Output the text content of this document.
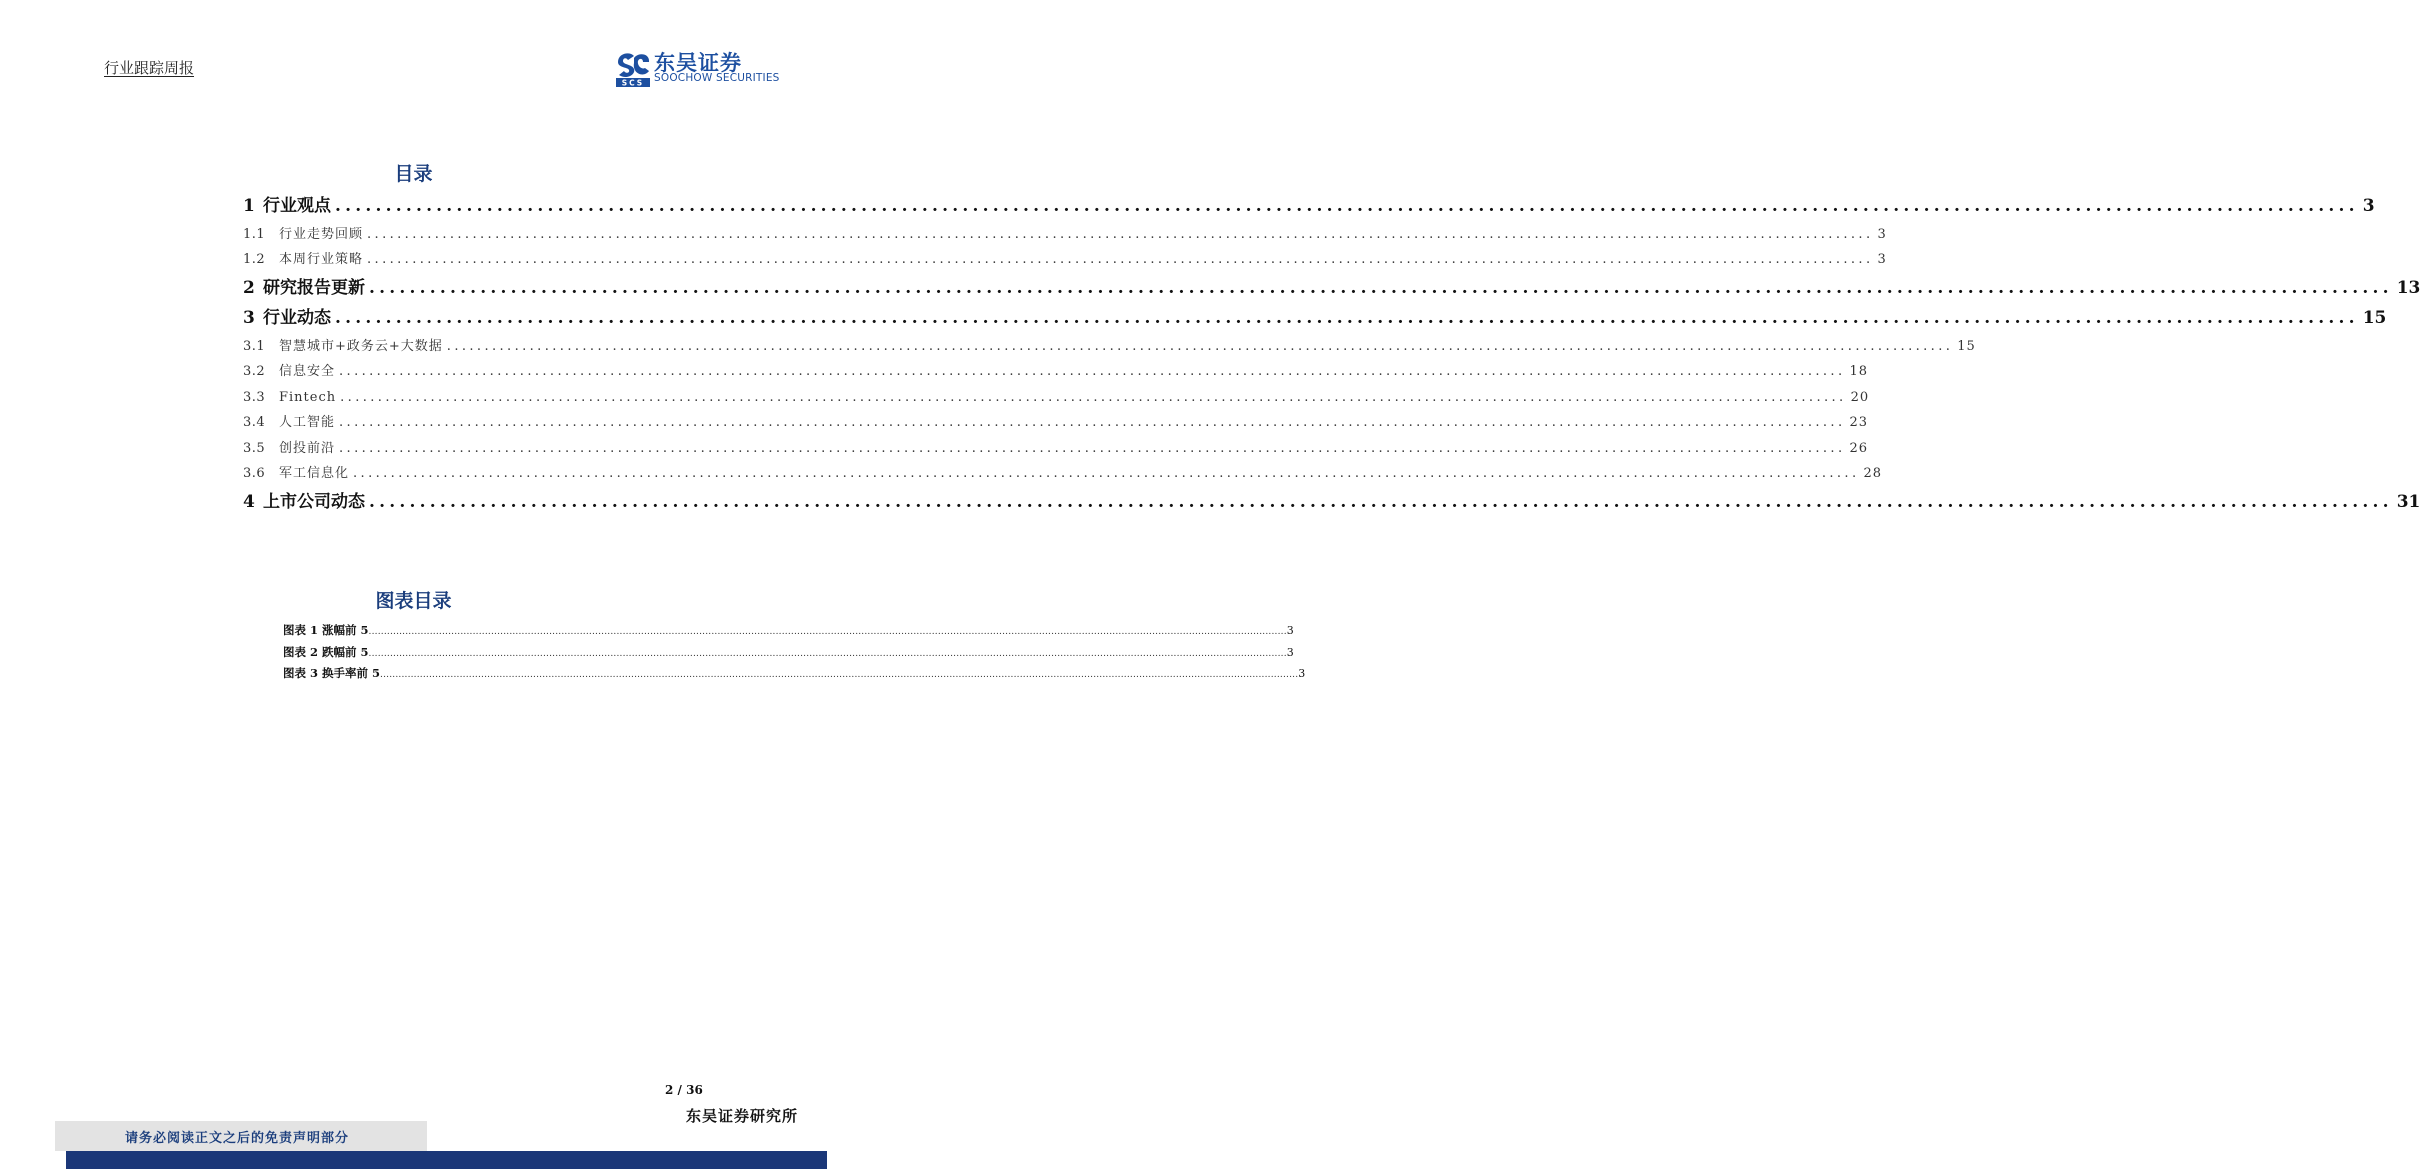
行业跟踪周报
SCS
东吴证券
SOOCHOW SECURITIES
目录
1 行业观点 ........................................................................................................................................................................................................ 3
1.1	行业走势回顾 ........................................................................................................................................................................................................ 3
1.2	本周行业策略 ........................................................................................................................................................................................................ 3
2 研究报告更新 ........................................................................................................................................................................................................ 13
3 行业动态 ........................................................................................................................................................................................................ 15
3.1	智慧城市+政务云+大数据 ........................................................................................................................................................................................................ 15
3.2	信息安全 ........................................................................................................................................................................................................ 18
3.3	Fintech ........................................................................................................................................................................................................ 20
3.4	人工智能 ........................................................................................................................................................................................................ 23
3.5	创投前沿 ........................................................................................................................................................................................................ 26
3.6	军工信息化 ........................................................................................................................................................................................................ 28
4 上市公司动态 ........................................................................................................................................................................................................ 31
图表目录
图表 1 涨幅前 5 ............................................................................................................................................................................................................................................................................................................ 3
图表 2 跌幅前 5 ............................................................................................................................................................................................................................................................................................................ 3
图表 3 换手率前 5 ............................................................................................................................................................................................................................................................................................................ 3
2 / 36
东吴证券研究所
请务必阅读正文之后的免责声明部分
